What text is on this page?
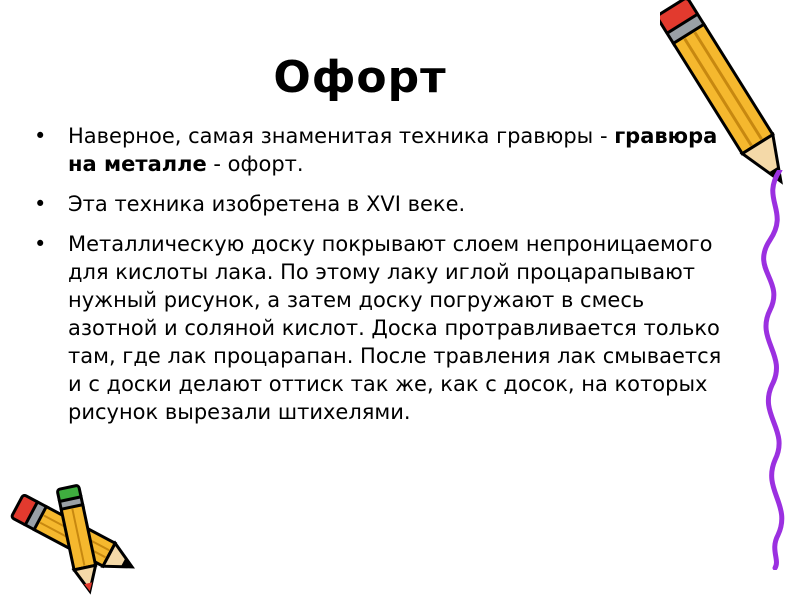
Офорт
• Наверное, самая знаменитая техника гравюры - гравюра на металле - офорт.
• Эта техника изобретена в XVI веке.
• Металлическую доску покрывают слоем непроницаемого для кислоты лака. По этому лаку иглой процарапывают нужный рисунок, а затем доску погружают в смесь азотной и соляной кислот. Доска протравливается только там, где лак процарапан. После травления лак смывается и с доски делают оттиск так же, как с досок, на которых рисунок вырезали штихелями.
